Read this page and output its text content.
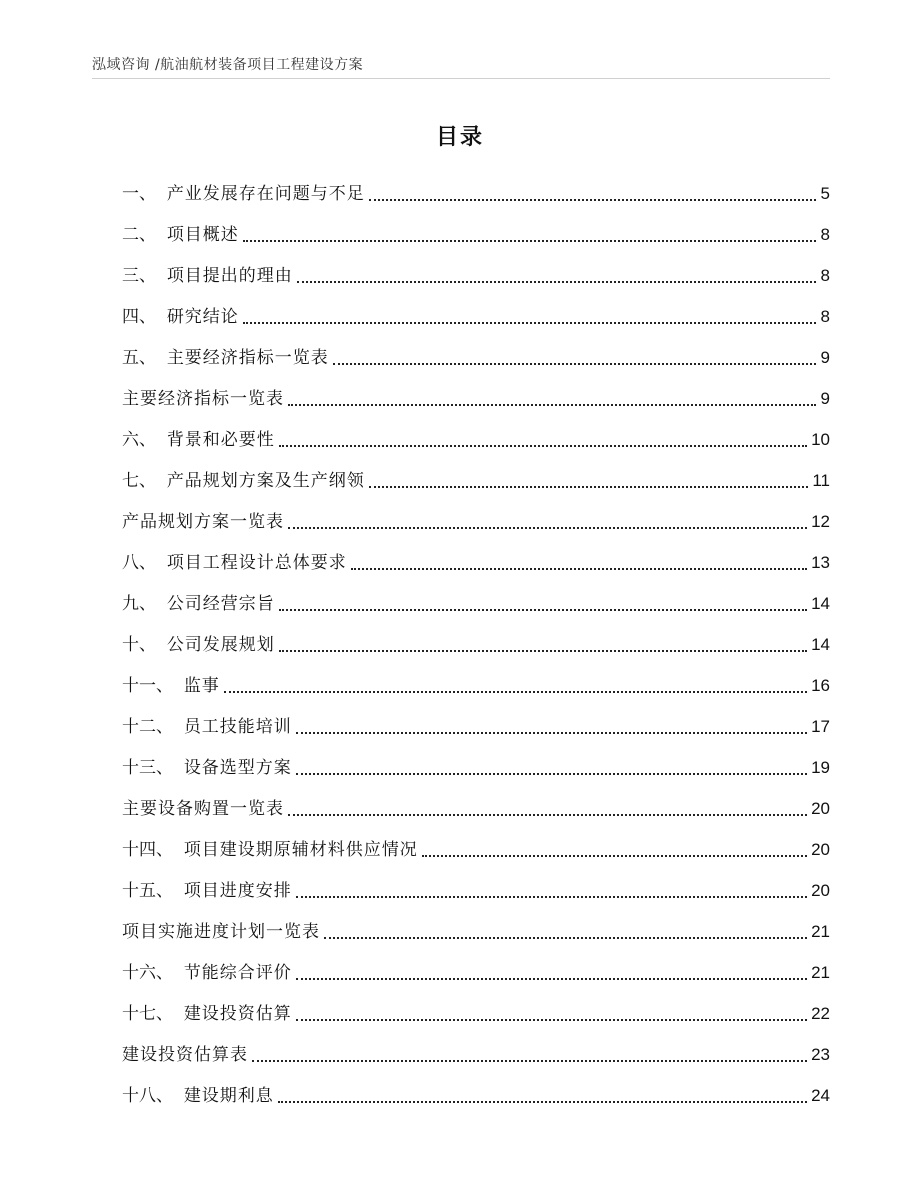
泓域咨询 /航油航材装备项目工程建设方案
目录
一、 产业发展存在问题与不足	5
二、 项目概述	8
三、 项目提出的理由	8
四、 研究结论	8
五、 主要经济指标一览表	9
主要经济指标一览表	9
六、 背景和必要性	10
七、 产品规划方案及生产纲领	11
产品规划方案一览表	12
八、 项目工程设计总体要求	13
九、 公司经营宗旨	14
十、 公司发展规划	14
十一、 监事	16
十二、 员工技能培训	17
十三、 设备选型方案	19
主要设备购置一览表	20
十四、 项目建设期原辅材料供应情况	20
十五、 项目进度安排	20
项目实施进度计划一览表	21
十六、 节能综合评价	21
十七、 建设投资估算	22
建设投资估算表	23
十八、 建设期利息	24
